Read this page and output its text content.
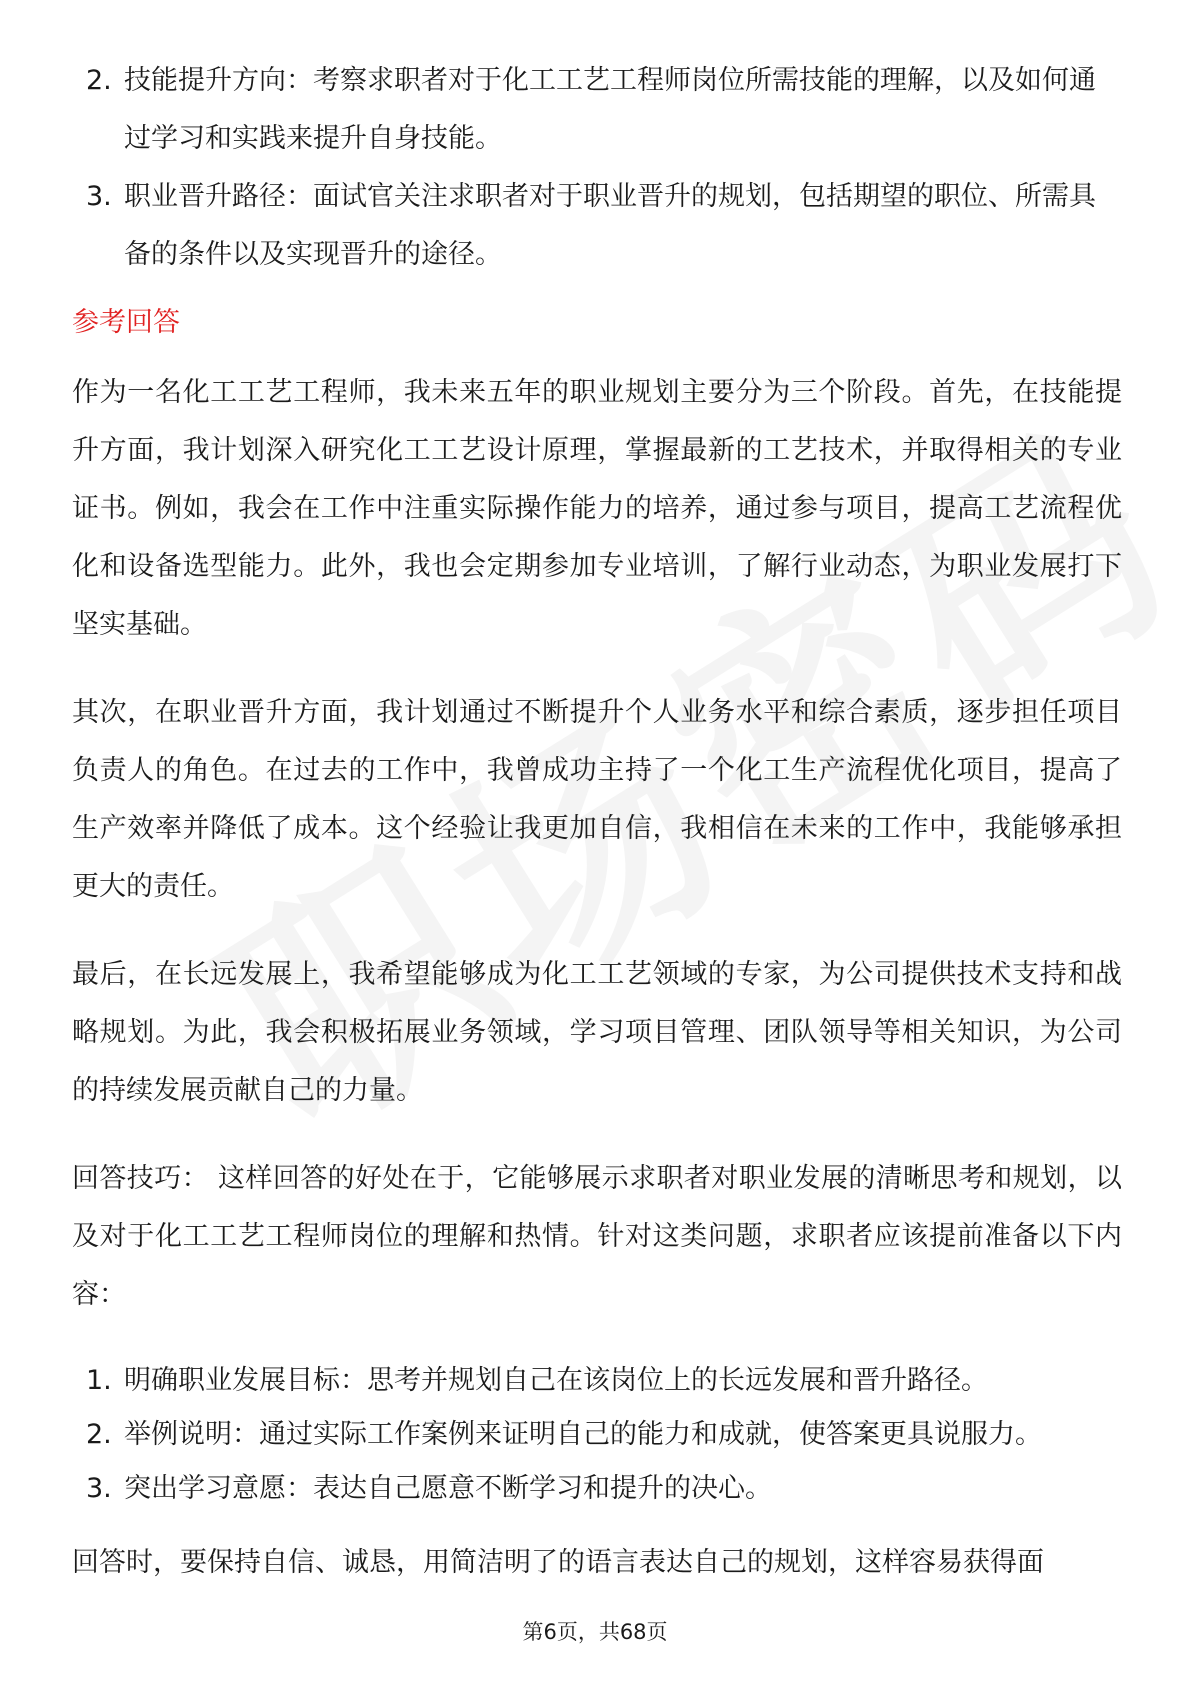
2. 技能提升方向：考察求职者对于化工工艺工程师岗位所需技能的理解，以及如何通过学习和实践来提升自身技能。
3. 职业晋升路径：面试官关注求职者对于职业晋升的规划，包括期望的职位、所需具备的条件以及实现晋升的途径。
参考回答

作为一名化工工艺工程师，我未来五年的职业规划主要分为三个阶段。首先，在技能提升方面，我计划深入研究化工工艺设计原理，掌握最新的工艺技术，并取得相关的专业证书。例如，我会在工作中注重实际操作能力的培养，通过参与项目，提高工艺流程优化和设备选型能力。此外，我也会定期参加专业培训，了解行业动态，为职业发展打下坚实基础。

其次，在职业晋升方面，我计划通过不断提升个人业务水平和综合素质，逐步担任项目负责人的角色。在过去的工作中，我曾成功主持了一个化工生产流程优化项目，提高了生产效率并降低了成本。这个经验让我更加自信，我相信在未来的工作中，我能够承担更大的责任。

最后，在长远发展上，我希望能够成为化工工艺领域的专家，为公司提供技术支持和战略规划。为此，我会积极拓展业务领域，学习项目管理、团队领导等相关知识，为公司的持续发展贡献自己的力量。

回答技巧： 这样回答的好处在于，它能够展示求职者对职业发展的清晰思考和规划，以及对于化工工艺工程师岗位的理解和热情。针对这类问题，求职者应该提前准备以下内容：

1. 明确职业发展目标：思考并规划自己在该岗位上的长远发展和晋升路径。
2. 举例说明：通过实际工作案例来证明自己的能力和成就，使答案更具说服力。
3. 突出学习意愿：表达自己愿意不断学习和提升的决心。

回答时，要保持自信、诚恳，用简洁明了的语言表达自己的规划，这样容易获得面

第6页，共68页
